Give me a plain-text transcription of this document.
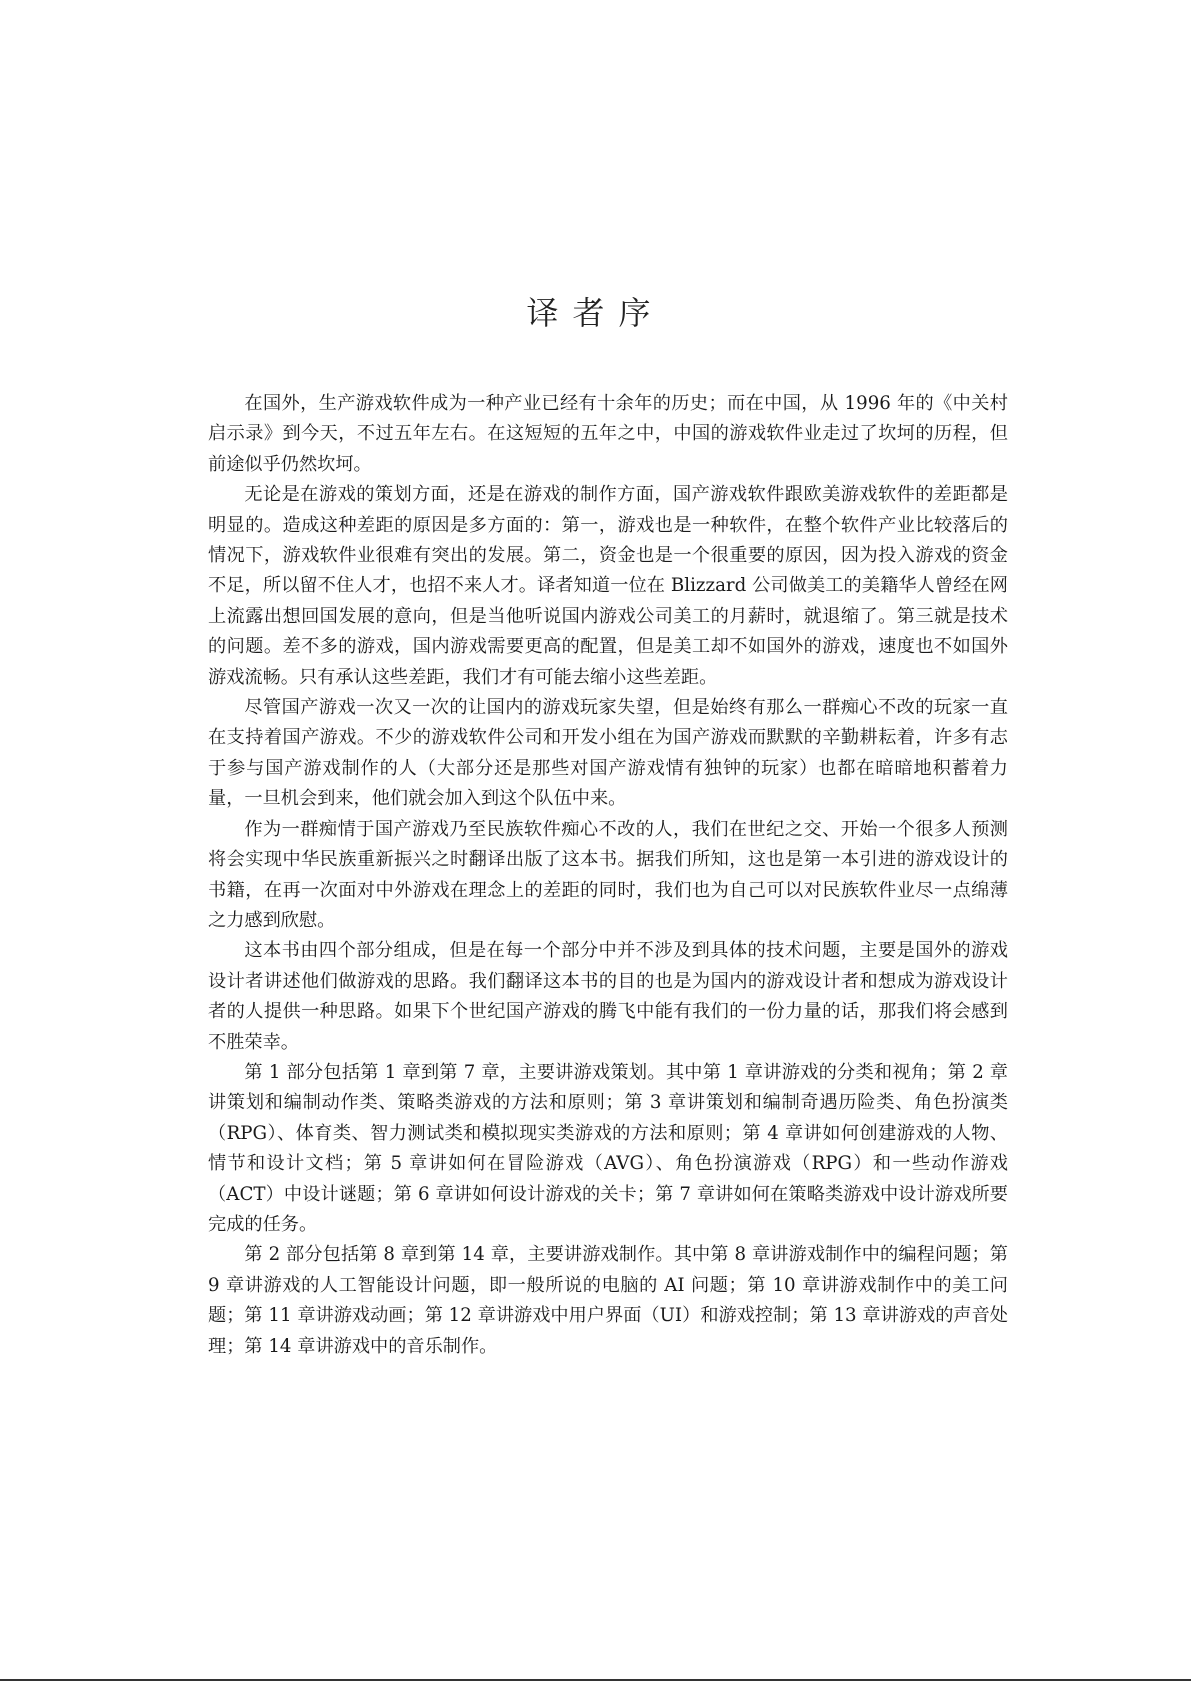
译者序

在国外，生产游戏软件成为一种产业已经有十余年的历史；而在中国，从 1996 年的《中关村启示录》到今天，不过五年左右。在这短短的五年之中，中国的游戏软件业走过了坎坷的历程，但前途似乎仍然坎坷。

无论是在游戏的策划方面，还是在游戏的制作方面，国产游戏软件跟欧美游戏软件的差距都是明显的。造成这种差距的原因是多方面的：第一，游戏也是一种软件，在整个软件产业比较落后的情况下，游戏软件业很难有突出的发展。第二，资金也是一个很重要的原因，因为投入游戏的资金不足，所以留不住人才，也招不来人才。译者知道一位在 Blizzard 公司做美工的美籍华人曾经在网上流露出想回国发展的意向，但是当他听说国内游戏公司美工的月薪时，就退缩了。第三就是技术的问题。差不多的游戏，国内游戏需要更高的配置，但是美工却不如国外的游戏，速度也不如国外游戏流畅。只有承认这些差距，我们才有可能去缩小这些差距。

尽管国产游戏一次又一次的让国内的游戏玩家失望，但是始终有那么一群痴心不改的玩家一直在支持着国产游戏。不少的游戏软件公司和开发小组在为国产游戏而默默的辛勤耕耘着，许多有志于参与国产游戏制作的人（大部分还是那些对国产游戏情有独钟的玩家）也都在暗暗地积蓄着力量，一旦机会到来，他们就会加入到这个队伍中来。

作为一群痴情于国产游戏乃至民族软件痴心不改的人，我们在世纪之交、开始一个很多人预测将会实现中华民族重新振兴之时翻译出版了这本书。据我们所知，这也是第一本引进的游戏设计的书籍，在再一次面对中外游戏在理念上的差距的同时，我们也为自己可以对民族软件业尽一点绵薄之力感到欣慰。

这本书由四个部分组成，但是在每一个部分中并不涉及到具体的技术问题，主要是国外的游戏设计者讲述他们做游戏的思路。我们翻译这本书的目的也是为国内的游戏设计者和想成为游戏设计者的人提供一种思路。如果下个世纪国产游戏的腾飞中能有我们的一份力量的话，那我们将会感到不胜荣幸。

第 1 部分包括第 1 章到第 7 章，主要讲游戏策划。其中第 1 章讲游戏的分类和视角；第 2 章讲策划和编制动作类、策略类游戏的方法和原则；第 3 章讲策划和编制奇遇历险类、角色扮演类（RPG）、体育类、智力测试类和模拟现实类游戏的方法和原则；第 4 章讲如何创建游戏的人物、情节和设计文档；第 5 章讲如何在冒险游戏（AVG）、角色扮演游戏（RPG）和一些动作游戏（ACT）中设计谜题；第 6 章讲如何设计游戏的关卡；第 7 章讲如何在策略类游戏中设计游戏所要完成的任务。

第 2 部分包括第 8 章到第 14 章，主要讲游戏制作。其中第 8 章讲游戏制作中的编程问题；第 9 章讲游戏的人工智能设计问题，即一般所说的电脑的 AI 问题；第 10 章讲游戏制作中的美工问题；第 11 章讲游戏动画；第 12 章讲游戏中用户界面（UI）和游戏控制；第 13 章讲游戏的声音处理；第 14 章讲游戏中的音乐制作。
